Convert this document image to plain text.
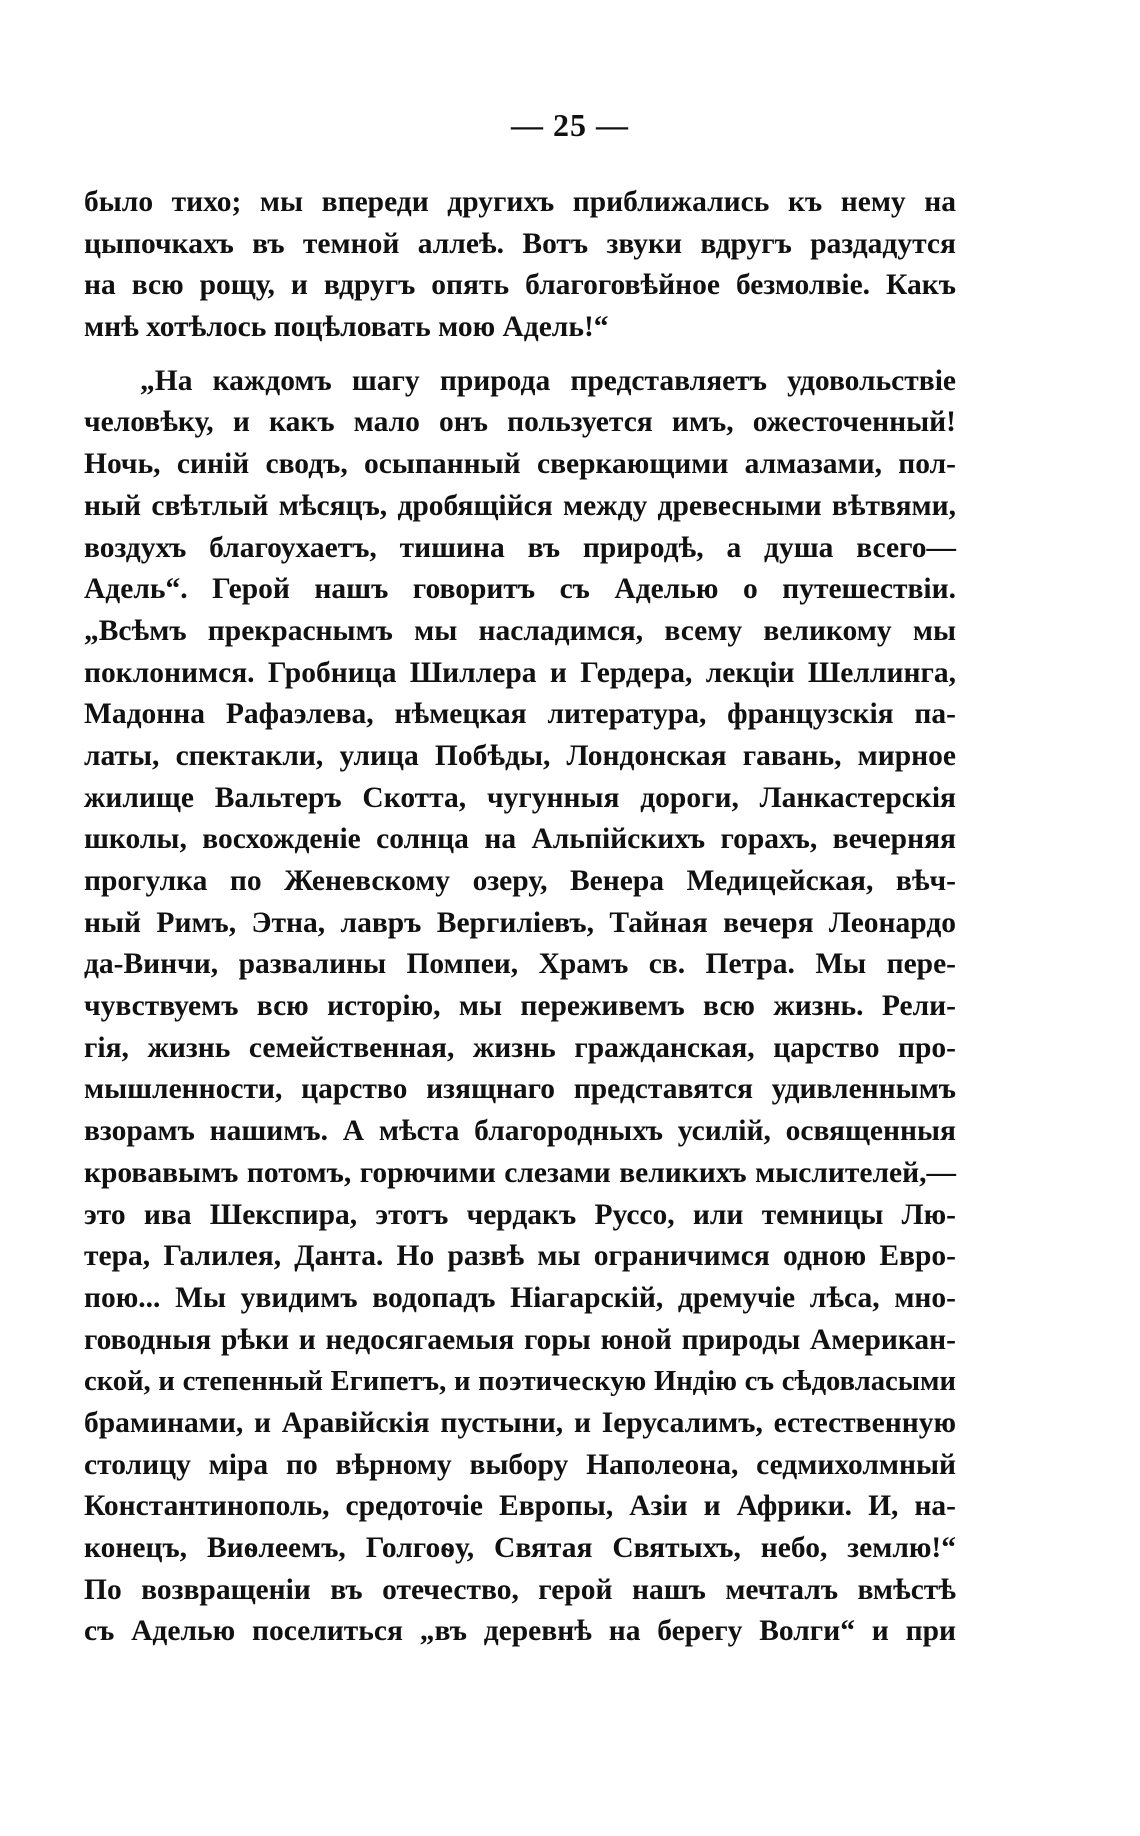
— 25 —

было тихо; мы впереди другихъ приближались къ нему на
цыпочкахъ въ темной аллеѣ. Вотъ звуки вдругъ раздадутся
на всю рощу, и вдругъ опять благоговѣйное безмолвіе. Какъ
мнѣ хотѣлось поцѣловать мою Адель!“
„На каждомъ шагу природа представляетъ удовольствіе
человѣку, и какъ мало онъ пользуется имъ, ожесточенный!
Ночь, синій сводъ, осыпанный сверкающими алмазами, пол-
ный свѣтлый мѣсяцъ, дробящійся между древесными вѣтвями,
воздухъ благоухаетъ, тишина въ природѣ, а душа всего—
Адель“. Герой нашъ говоритъ съ Аделью о путешествіи.
„Всѣмъ прекраснымъ мы насладимся, всему великому мы
поклонимся. Гробница Шиллера и Гердера, лекціи Шеллинга,
Мадонна Рафаэлева, нѣмецкая литература, французскія па-
латы, спектакли, улица Побѣды, Лондонская гавань, мирное
жилище Вальтеръ Скотта, чугунныя дороги, Ланкастерскія
школы, восхожденіе солнца на Альпійскихъ горахъ, вечерняя
прогулка по Женевскому озеру, Венера Медицейская, вѣч-
ный Римъ, Этна, лавръ Вергиліевъ, Тайная вечеря Леонардо
да-Винчи, развалины Помпеи, Храмъ св. Петра. Мы пере-
чувствуемъ всю исторію, мы переживемъ всю жизнь. Рели-
гія, жизнь семейственная, жизнь гражданская, царство про-
мышленности, царство изящнаго представятся удивленнымъ
взорамъ нашимъ. А мѣста благородныхъ усилій, освященныя
кровавымъ потомъ, горючими слезами великихъ мыслителей,—
это ива Шекспира, этотъ чердакъ Руссо, или темницы Лю-
тера, Галилея, Данта. Но развѣ мы ограничимся одною Евро-
пою... Мы увидимъ водопадъ Ніагарскій, дремучіе лѣса, мно-
говодныя рѣки и недосягаемыя горы юной природы Американ-
ской, и степенный Египетъ, и поэтическую Индію съ сѣдовласыми
браминами, и Аравійскія пустыни, и Іерусалимъ, естественную
столицу міра по вѣрному выбору Наполеона, седмихолмный
Константинополь, средоточіе Европы, Азіи и Африки. И, на-
конецъ, Виѳлеемъ, Голгоѳу, Святая Святыхъ, небо, землю!“
По возвращеніи въ отечество, герой нашъ мечталъ вмѣстѣ
съ Аделью поселиться „въ деревнѣ на берегу Волги“ и при
